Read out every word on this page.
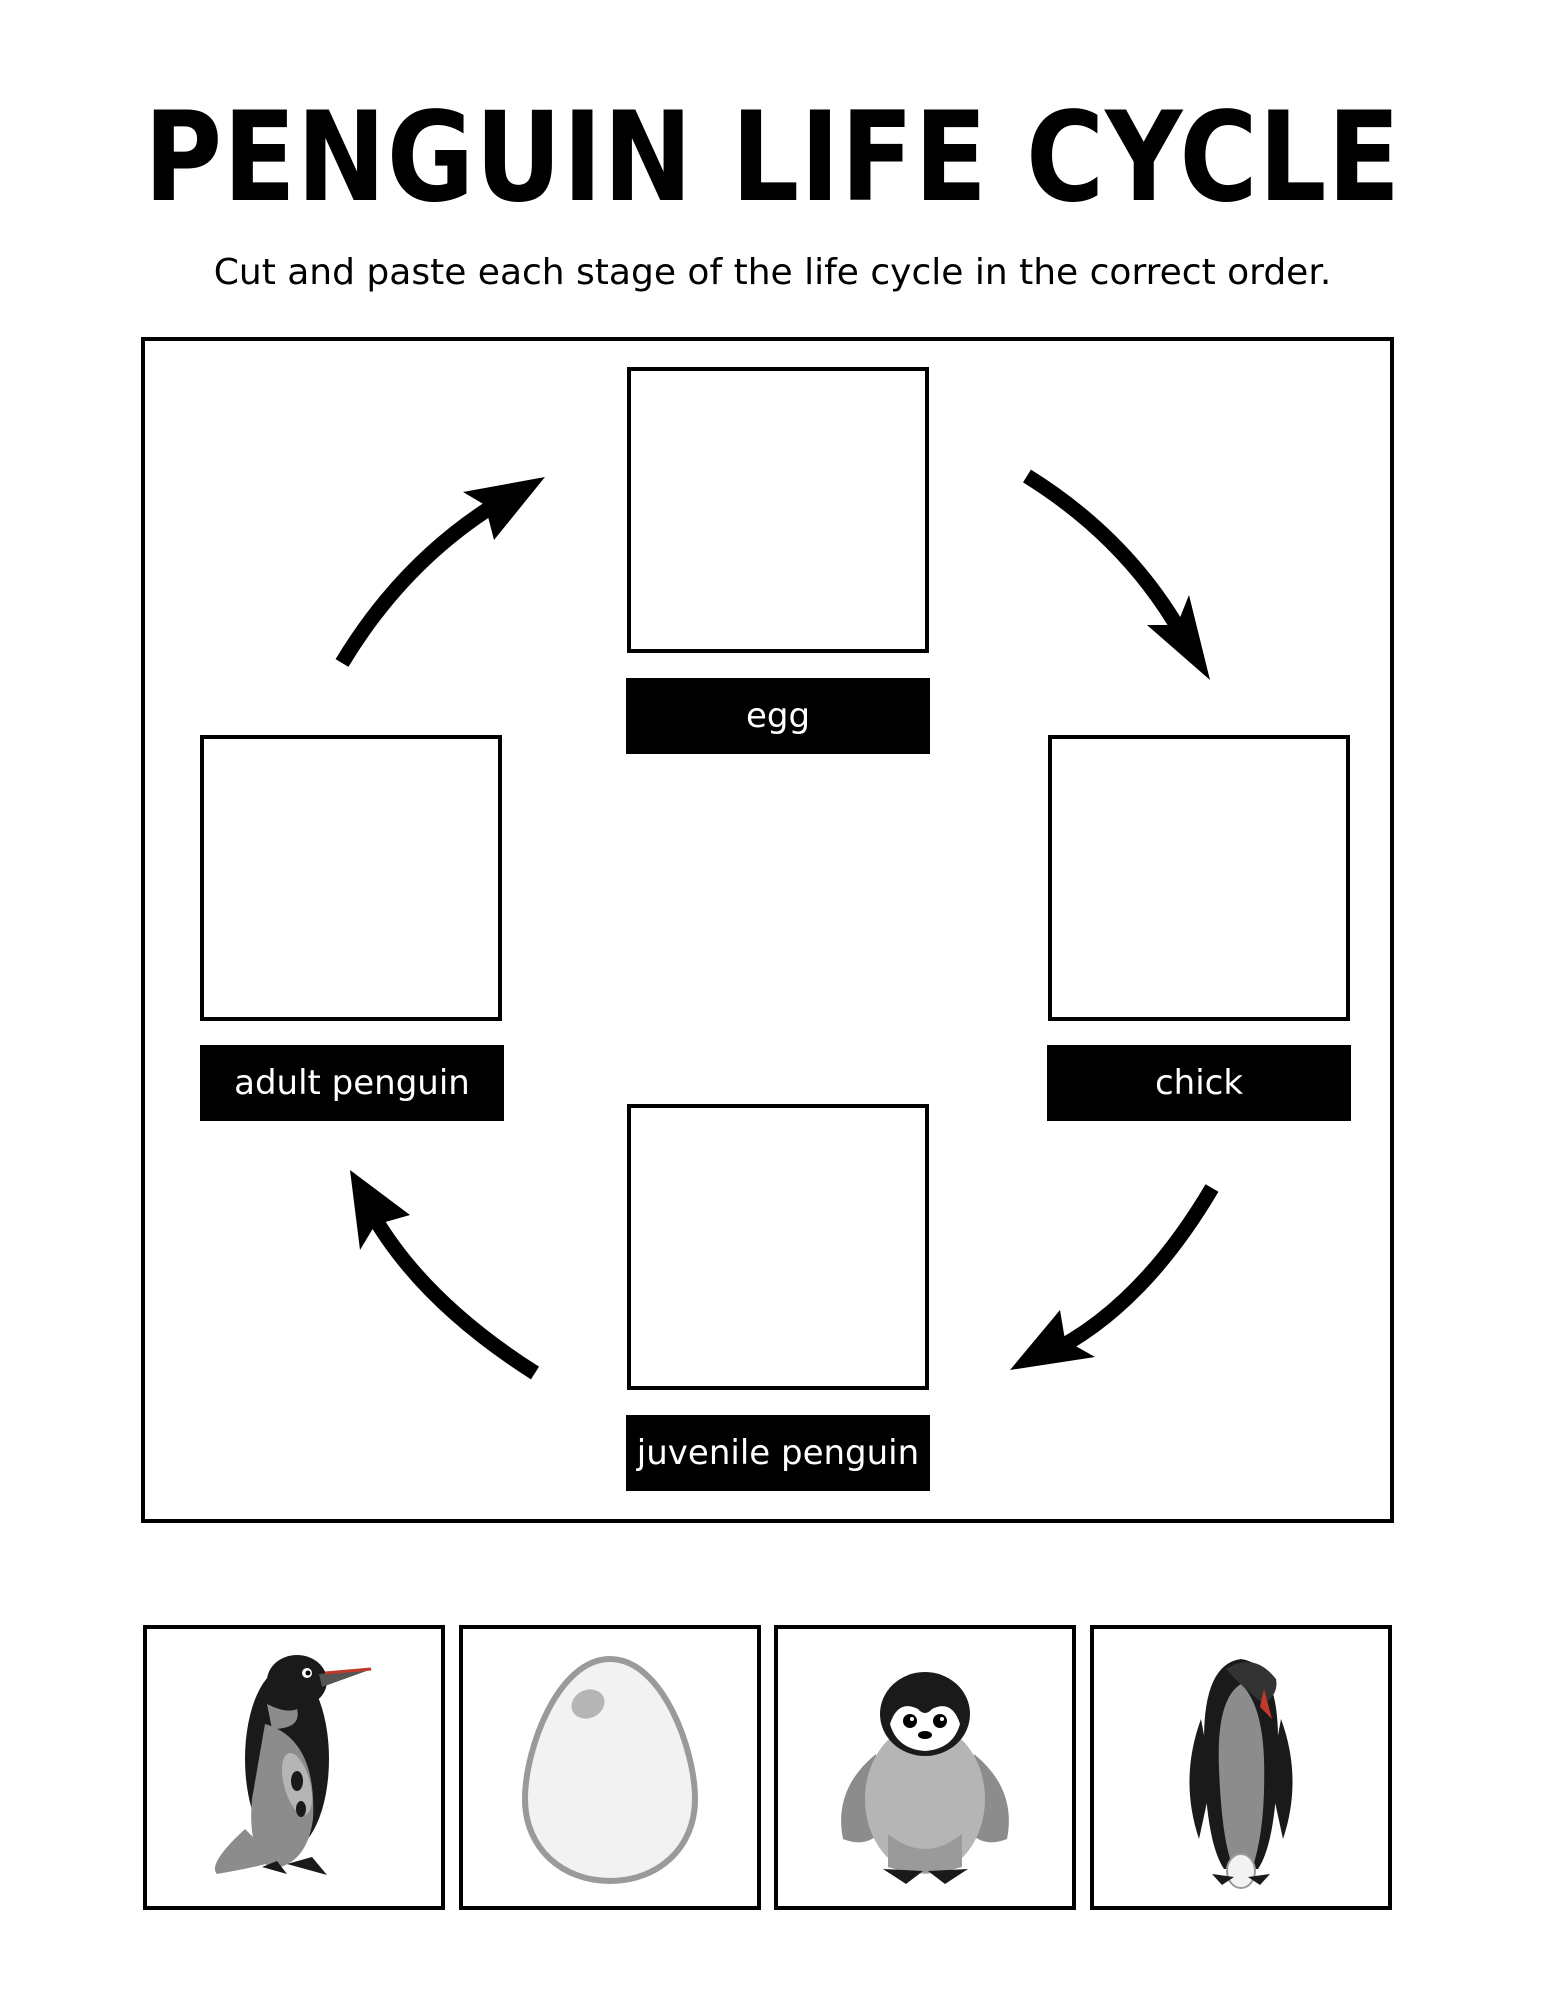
PENGUIN LIFE CYCLE
Cut and paste each stage of the life cycle in the correct order.
egg
chick
juvenile penguin
adult penguin
